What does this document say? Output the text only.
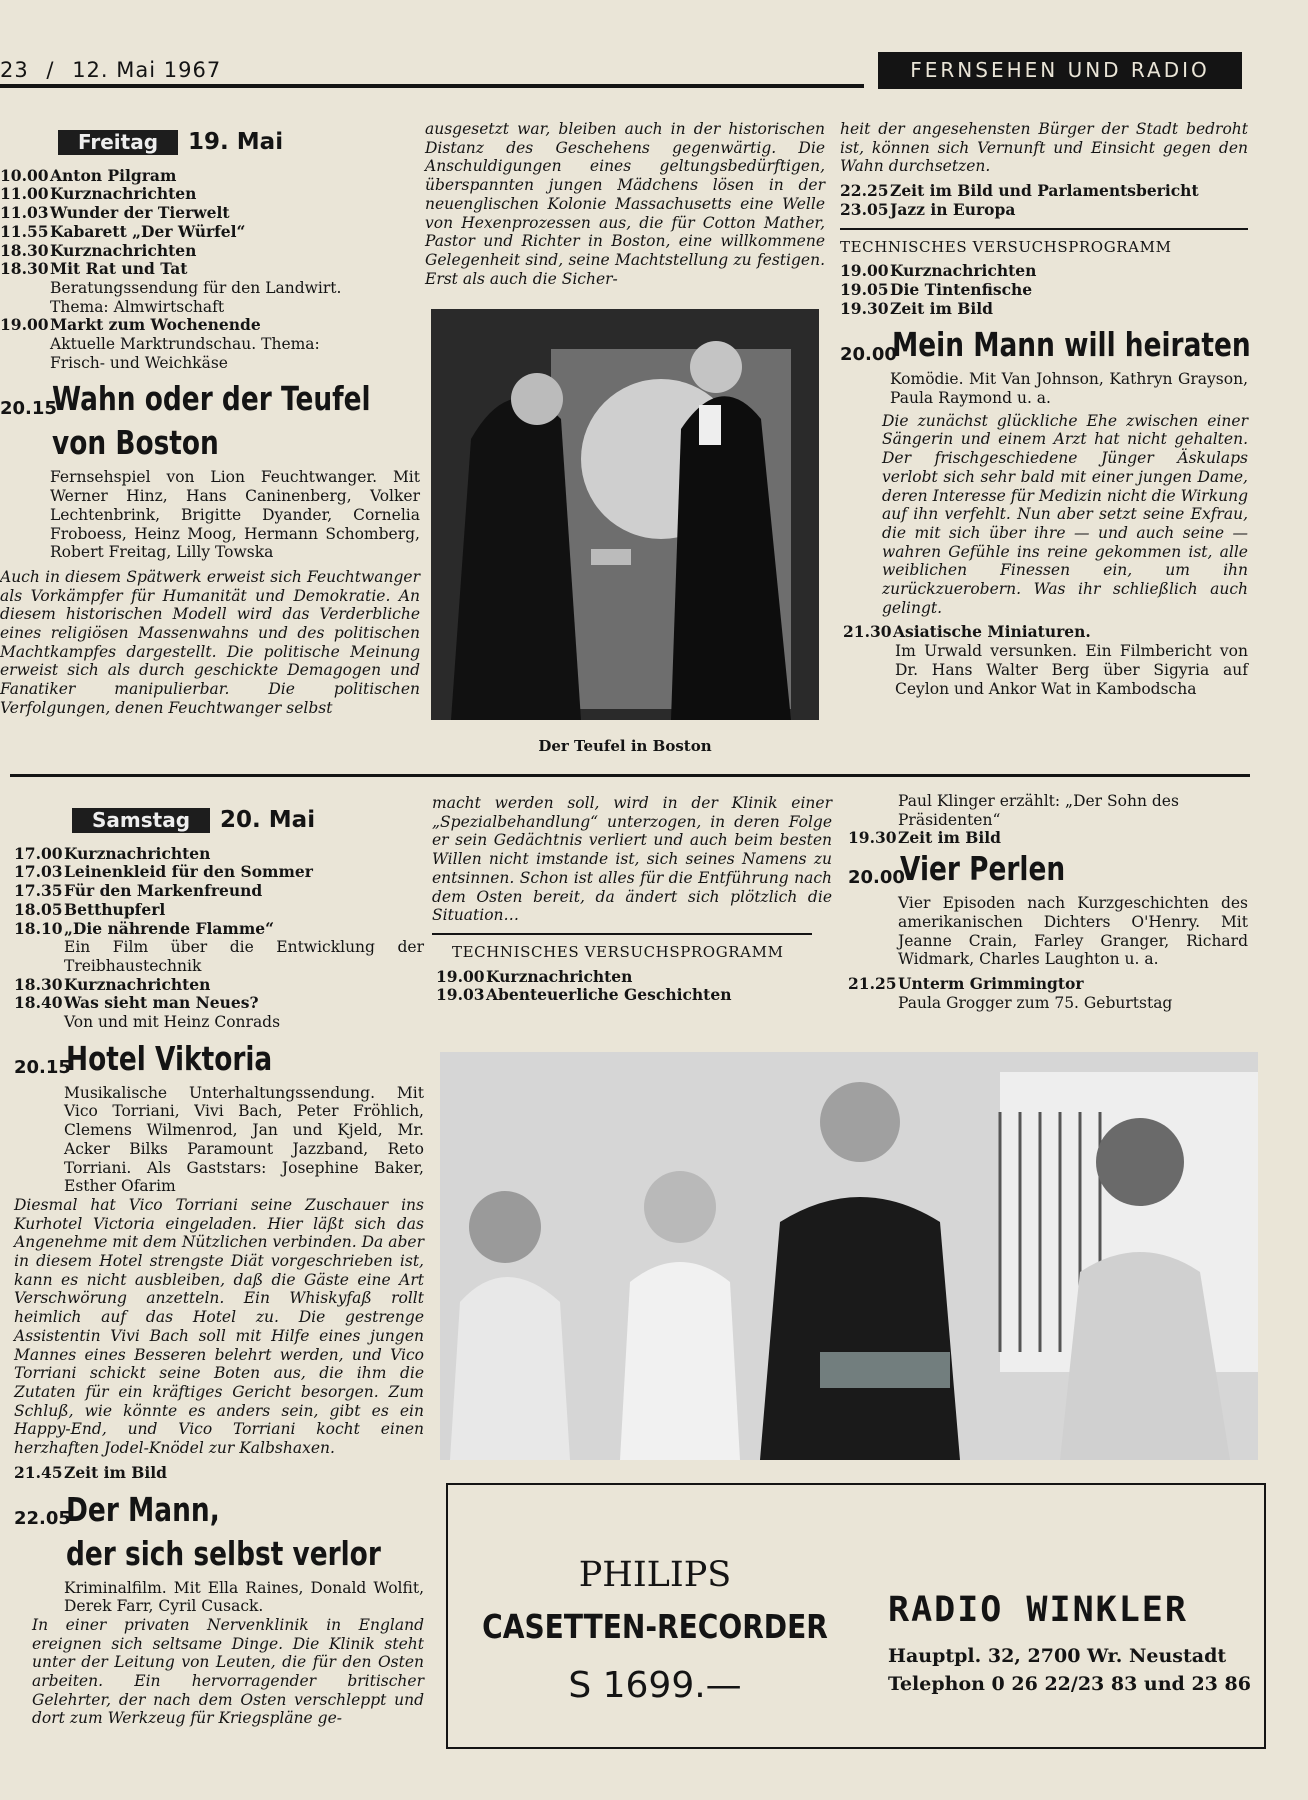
23 / 12. Mai 1967	FERNSEHEN UND RADIO
Freitag	19. Mai
10.00Anton Pilgram
11.00Kurznachrichten
11.03Wunder der Tierwelt
11.55Kabarett „Der Würfel“
18.30Kurznachrichten
18.30Mit Rat und Tat
Beratungssendung für den Landwirt.
Thema: Almwirtschaft
19.00Markt zum Wochenende
Aktuelle Marktrundschau. Thema:
Frisch- und Weichkäse
20.15
Wahn oder der Teufel
von Boston
Fernsehspiel von Lion Feuchtwanger. Mit Werner Hinz, Hans Caninenberg, Volker Lechtenbrink, Brigitte Dyander, Cornelia Froboess, Heinz Moog, Hermann Schomberg, Robert Freitag, Lilly Towska
Auch in diesem Spätwerk erweist sich Feuchtwanger als Vorkämpfer für Humanität und Demokratie. An diesem historischen Modell wird das Verderbliche eines religiösen Massenwahns und des politischen Machtkampfes dargestellt. Die politische Meinung erweist sich als durch geschickte Demagogen und Fanatiker manipulierbar. Die politischen Verfolgungen, denen Feuchtwanger selbst
ausgesetzt war, bleiben auch in der historischen Distanz des Geschehens gegenwärtig. Die Anschuldigungen eines geltungsbedürftigen, überspannten jungen Mädchens lösen in der neuenglischen Kolonie Massachusetts eine Welle von Hexenprozessen aus, die für Cotton Mather, Pastor und Richter in Boston, eine willkommene Gelegenheit sind, seine Machtstellung zu festigen. Erst als auch die Sicher-
Der Teufel in Boston
heit der angesehensten Bürger der Stadt bedroht ist, können sich Vernunft und Einsicht gegen den Wahn durchsetzen.
22.25Zeit im Bild und Parlamentsbericht
23.05Jazz in Europa
TECHNISCHES VERSUCHSPROGRAMM
19.00Kurznachrichten
19.05Die Tintenfische
19.30Zeit im Bild
20.00
Mein Mann will heiraten
Komödie. Mit Van Johnson, Kathryn Grayson, Paula Raymond u. a.
Die zunächst glückliche Ehe zwischen einer Sängerin und einem Arzt hat nicht gehalten. Der frischgeschiedene Jünger Äskulaps verlobt sich sehr bald mit einer jungen Dame, deren Interesse für Medizin nicht die Wirkung auf ihn verfehlt. Nun aber setzt seine Exfrau, die mit sich über ihre — und auch seine — wahren Gefühle ins reine gekommen ist, alle weiblichen Finessen ein, um ihn zurückzuerobern. Was ihr schließlich auch gelingt.
21.30Asiatische Miniaturen.
Im Urwald versunken. Ein Filmbericht von Dr. Hans Walter Berg über Sigyria auf Ceylon und Ankor Wat in Kambodscha
Samstag	20. Mai
17.00Kurznachrichten
17.03Leinenkleid für den Sommer
17.35Für den Markenfreund
18.05Betthupferl
18.10„Die nährende Flamme“
Ein Film über die Entwicklung der Treibhaustechnik
18.30Kurznachrichten
18.40Was sieht man Neues?
Von und mit Heinz Conrads
20.15
Hotel Viktoria
Musikalische Unterhaltungssendung. Mit Vico Torriani, Vivi Bach, Peter Fröhlich, Clemens Wilmenrod, Jan und Kjeld, Mr. Acker Bilks Paramount Jazzband, Reto Torriani. Als Gaststars: Josephine Baker, Esther Ofarim
Diesmal hat Vico Torriani seine Zuschauer ins Kurhotel Victoria eingeladen. Hier läßt sich das Angenehme mit dem Nützlichen verbinden. Da aber in diesem Hotel strengste Diät vorgeschrieben ist, kann es nicht ausbleiben, daß die Gäste eine Art Verschwörung anzetteln. Ein Whiskyfaß rollt heimlich auf das Hotel zu. Die gestrenge Assistentin Vivi Bach soll mit Hilfe eines jungen Mannes eines Besseren belehrt werden, und Vico Torriani schickt seine Boten aus, die ihm die Zutaten für ein kräftiges Gericht besorgen. Zum Schluß, wie könnte es anders sein, gibt es ein Happy-End, und Vico Torriani kocht einen herzhaften Jodel-Knödel zur Kalbshaxen.
21.45Zeit im Bild
22.05
Der Mann,
der sich selbst verlor
Kriminalfilm. Mit Ella Raines, Donald Wolfit, Derek Farr, Cyril Cusack.
In einer privaten Nervenklinik in England ereignen sich seltsame Dinge. Die Klinik steht unter der Leitung von Leuten, die für den Osten arbeiten. Ein hervorragender britischer Gelehrter, der nach dem Osten verschleppt und dort zum Werkzeug für Kriegspläne ge-
macht werden soll, wird in der Klinik einer „Spezialbehandlung“ unterzogen, in deren Folge er sein Gedächtnis verliert und auch beim besten Willen nicht imstande ist, sich seines Namens zu entsinnen. Schon ist alles für die Entführung nach dem Osten bereit, da ändert sich plötzlich die Situation…
TECHNISCHES VERSUCHSPROGRAMM
19.00Kurznachrichten
19.03Abenteuerliche Geschichten
Paul Klinger erzählt: „Der Sohn des Präsidenten“
19.30Zeit im Bild
20.00
Vier Perlen
Vier Episoden nach Kurzgeschichten des amerikanischen Dichters O'Henry. Mit Jeanne Crain, Farley Granger, Richard Widmark, Charles Laughton u. a.
21.25Unterm Grimmingtor
Paula Grogger zum 75. Geburtstag
PHILIPS
CASETTEN-RECORDER
S 1699.—
RADIO WINKLER
Hauptpl. 32, 2700 Wr. Neustadt
Telephon 0 26 22/23 83 und 23 86
